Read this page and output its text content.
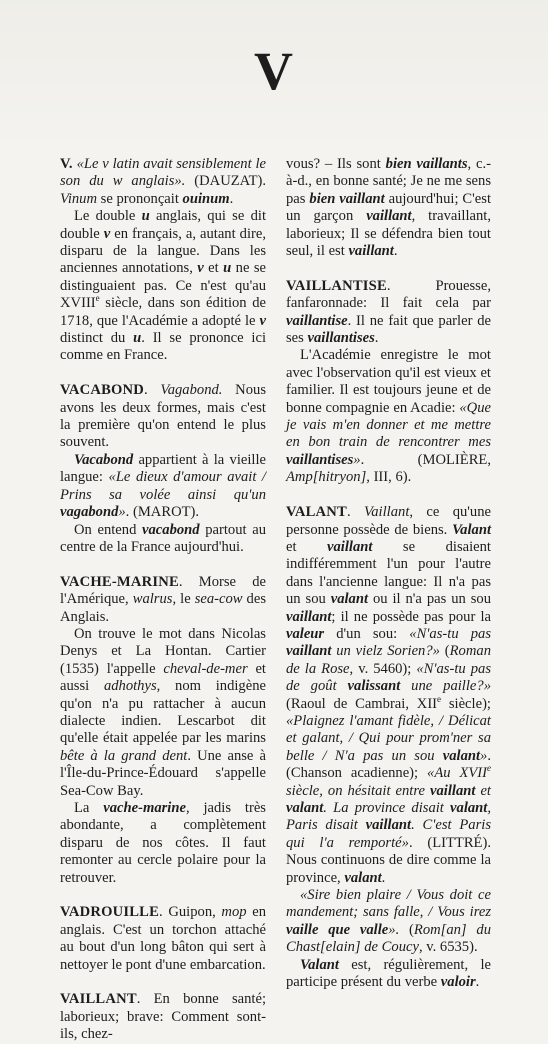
V

V. «Le v latin avait sensiblement le son du w anglais». (DAUZAT). Vinum se prononçait ouinum.

Le double u anglais, qui se dit double v en français, a, autant dire, disparu de la langue. Dans les anciennes annotations, v et u ne se distinguaient pas. Ce n'est qu'au XVIIIe siècle, dans son édition de 1718, que l'Académie a adopté le v distinct du u. Il se prononce ici comme en France.

VACABOND. Vagabond. Nous avons les deux formes, mais c'est la première qu'on entend le plus souvent.

Vacabond appartient à la vieille langue: «Le dieux d'amour avait / Prins sa volée ainsi qu'un vagabond». (MAROT).

On entend vacabond partout au centre de la France aujourd'hui.

VACHE-MARINE. Morse de l'Amérique, walrus, le sea-cow des Anglais.

On trouve le mot dans Nicolas Denys et La Hontan. Cartier (1535) l'appelle cheval-de-mer et aussi adhothys, nom indigène qu'on n'a pu rattacher à aucun dialecte indien. Lescarbot dit qu'elle était appelée par les marins bête à la grand dent. Une anse à l'Île-du-Prince-Édouard s'appelle Sea-Cow Bay.

La vache-marine, jadis très abondante, a complètement disparu de nos côtes. Il faut remonter au cercle polaire pour la retrouver.

VADROUILLE. Guipon, mop en anglais. C'est un torchon attaché au bout d'un long bâton qui sert à nettoyer le pont d'une embarcation.

VAILLANT. En bonne santé; laborieux; brave: Comment sont-ils, chez-

vous? – Ils sont bien vaillants, c.-à-d., en bonne santé; Je ne me sens pas bien vaillant aujourd'hui; C'est un garçon vaillant, travaillant, laborieux; Il se défendra bien tout seul, il est vaillant.

VAILLANTISE. Prouesse, fanfaronnade: Il fait cela par vaillantise. Il ne fait que parler de ses vaillantises.

L'Académie enregistre le mot avec l'observation qu'il est vieux et familier. Il est toujours jeune et de bonne compagnie en Acadie: «Que je vais m'en donner et me mettre en bon train de rencontrer mes vaillantises». (MOLIÈRE, Amp[hitryon], III, 6).

VALANT. Vaillant, ce qu'une personne possède de biens. Valant et vaillant se disaient indifféremment l'un pour l'autre dans l'ancienne langue: Il n'a pas un sou valant ou il n'a pas un sou vaillant; il ne possède pas pour la valeur d'un sou: «N'as-tu pas vaillant un vielz Sorien?» (Roman de la Rose, v. 5460); «N'as-tu pas de goût valissant une paille?» (Raoul de Cambrai, XIIe siècle); «Plaignez l'amant fidèle, / Délicat et galant, / Qui pour prom'ner sa belle / N'a pas un sou valant». (Chanson acadienne); «Au XVIIe siècle, on hésitait entre vaillant et valant. La province disait valant, Paris disait vaillant. C'est Paris qui l'a remporté». (LITTRÉ). Nous continuons de dire comme la province, valant.

«Sire bien plaire / Vous doit ce mandement; sans falle, / Vous irez vaille que valle». (Rom[an] du Chast[elain] de Coucy, v. 6535).

Valant est, régulièrement, le participe présent du verbe valoir.
